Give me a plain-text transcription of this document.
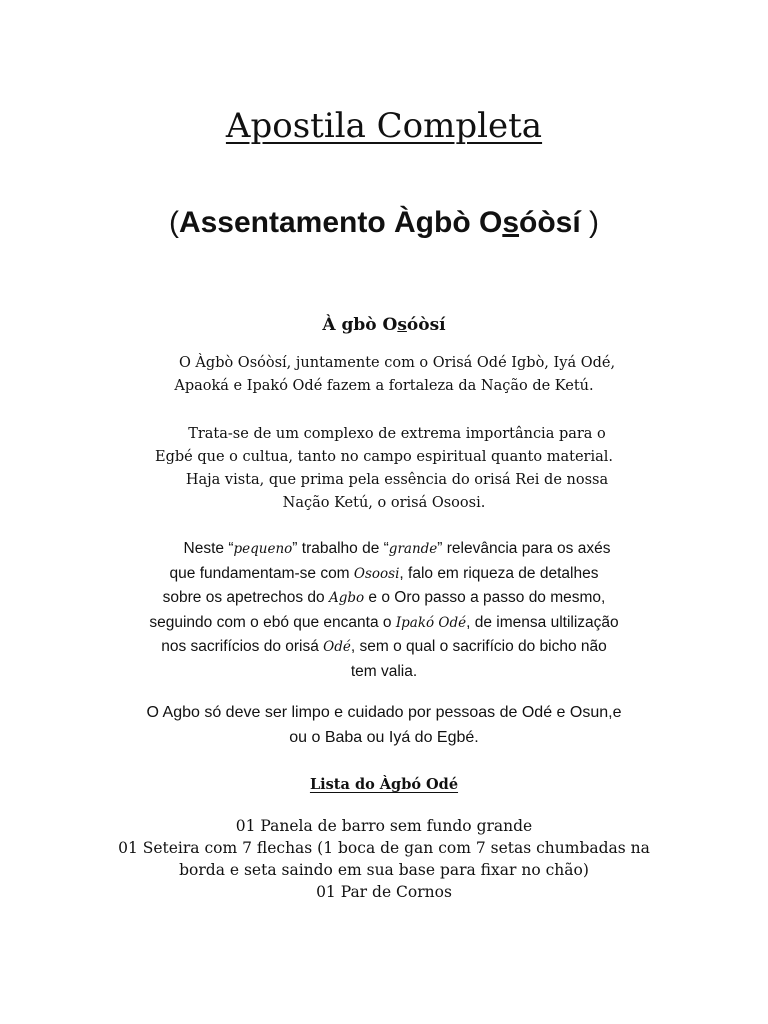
Apostila Completa
(Assentamento Àgbò Osóòsí )
À gbò Osóòsí
O Àgbò Osóòsí, juntamente com o Orisá Odé Igbò, Iyá Odé,
Apaoká e Ipakó Odé fazem a fortaleza da Nação de Ketú.
Trata-se de um complexo de extrema importância para o
Egbé que o cultua, tanto no campo espiritual quanto material.
Haja vista, que prima pela essência do orisá Rei de nossa
Nação Ketú, o orisá Osoosi.
Neste “pequeno” trabalho de “grande” relevância para os axés
que fundamentam-se com Osoosi, falo em riqueza de detalhes
sobre os apetrechos do Agbo e o Oro passo a passo do mesmo,
seguindo com o ebó que encanta o Ipakó Odé, de imensa ultilização
nos sacrifícios do orisá Odé, sem o qual o sacrifício do bicho não
tem valia.
O Agbo só deve ser limpo e cuidado por pessoas de Odé e Osun,e
ou o Baba ou Iyá do Egbé.
Lista do Àgbó Odé
01 Panela de barro sem fundo grande
01 Seteira com 7 flechas (1 boca de gan com 7 setas chumbadas na
borda e seta saindo em sua base para fixar no chão)
01 Par de Cornos
